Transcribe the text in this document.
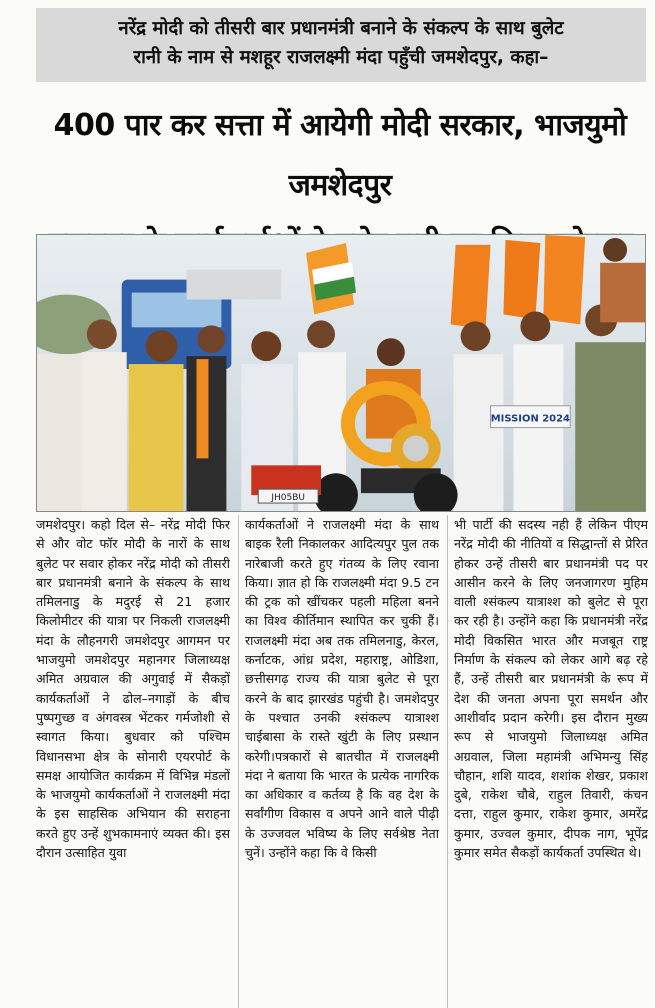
नरेंद्र मोदी को तीसरी बार प्रधानमंत्री बनाने के संकल्प के साथ बुलेट
रानी के नाम से मशहूर राजलक्ष्मी मंदा पहुँची जमशेदपुर, कहा–
400 पार कर सत्ता में आयेगी मोदी सरकार, भाजयुमो जमशेदपुर
MISSION 2024
JH05BU
जमशेदपुर। कहो दिल से– नरेंद्र मोदी फिर से और वोट फॉर मोदी के नारों के साथ बुलेट पर सवार होकर नरेंद्र मोदी को तीसरी बार प्रधानमंत्री बनाने के संकल्प के साथ तमिलनाडु के मदुरई से 21 हजार किलोमीटर की यात्रा पर निकली राजलक्ष्मी मंदा के लौहनगरी जमशेदपुर आगमन पर भाजयुमो जमशेदपुर महानगर जिलाध्यक्ष अमित अग्रवाल की अगुवाई में सैकड़ों कार्यकर्ताओं ने ढोल–नगाड़ों के बीच पुष्पगुच्छ व अंगवस्त्र भेंटकर गर्मजोशी से स्वागत किया। बुधवार को पश्चिम विधानसभा क्षेत्र के सोनारी एयरपोर्ट के समक्ष आयोजित कार्यक्रम में विभिन्न मंडलों के भाजयुमो कार्यकर्ताओं ने राजलक्ष्मी मंदा के इस साहसिक अभियान की सराहना करते हुए उन्हें शुभकामनाएं व्यक्त की। इस दौरान उत्साहित युवा
कार्यकर्ताओं ने राजलक्ष्मी मंदा के साथ बाइक रैली निकालकर आदित्यपुर पुल तक नारेबाजी करते हुए गंतव्य के लिए रवाना किया। ज्ञात हो कि राजलक्ष्मी मंदा 9.5 टन की ट्रक को खींचकर पहली महिला बनने का विश्व कीर्तिमान स्थापित कर चुकी हैं। राजलक्ष्मी मंदा अब तक तमिलनाडु, केरल, कर्नाटक, आंध्र प्रदेश, महाराष्ट्र, ओडिशा, छत्तीसगढ़ राज्य की यात्रा बुलेट से पूरा करने के बाद झारखंड पहुंची है। जमशेदपुर के पश्चात उनकी श्संकल्प यात्राश्श चाईबासा के रास्ते खुंटी के लिए प्रस्थान करेगी।पत्रकारों से बातचीत में राजलक्ष्मी मंदा ने बताया कि भारत के प्रत्येक नागरिक का अधिकार व कर्तव्य है कि वह देश के सर्वांगीण विकास व अपने आने वाले पीढ़ी के उज्जवल भविष्य के लिए सर्वश्रेष्ठ नेता चुनें। उन्होंने कहा कि वे किसी
भी पार्टी की सदस्य नही हैं लेकिन पीएम नरेंद्र मोदी की नीतियों व सिद्धान्तों से प्रेरित होकर उन्हें तीसरी बार प्रधानमंत्री पद पर आसीन करने के लिए जनजागरण मुहिम वाली श्संकल्प यात्राश्श को बुलेट से पूरा कर रही है। उन्होंने कहा कि प्रधानमंत्री नरेंद्र मोदी विकसित भारत और मजबूत राष्ट्र निर्माण के संकल्प को लेकर आगे बढ़ रहे हैं, उन्हें तीसरी बार प्रधानमंत्री के रूप में देश की जनता अपना पूरा समर्थन और आशीर्वाद प्रदान करेगी। इस दौरान मुख्य रूप से भाजयुमो जिलाध्यक्ष अमित अग्रवाल, जिला महामंत्री अभिमन्यु सिंह चौहान, शशि यादव, शशांक शेखर, प्रकाश दुबे, राकेश चौबे, राहुल तिवारी, कंचन दत्ता, राहुल कुमार, राकेश कुमार, अमरेंद्र कुमार, उज्वल कुमार, दीपक नाग, भूपेंद्र कुमार समेत सैकड़ों कार्यकर्ता उपस्थित थे।
